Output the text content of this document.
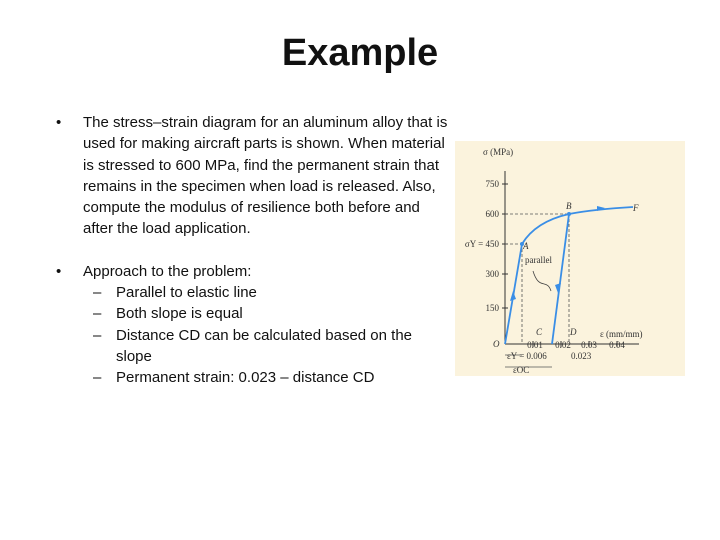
Example
• The stress–strain diagram for an aluminum alloy that is used for making aircraft parts is shown. When material is stressed to 600 MPa, find the permanent strain that remains in the specimen when load is released. Also, compute the modulus of resilience both before and after the load application.
• Approach to the problem:
– Parallel to elastic line
– Both slope is equal
– Distance CD can be calculated based on the slope
– Permanent strain: 0.023 – distance CD
σ (MPa)
ε (mm/mm)
750
600
σY = 450
300
150
0.01 0.02 0.03 0.04
B	F
A
C	D
O
parallel
εY = 0.006
εOC
0.023
